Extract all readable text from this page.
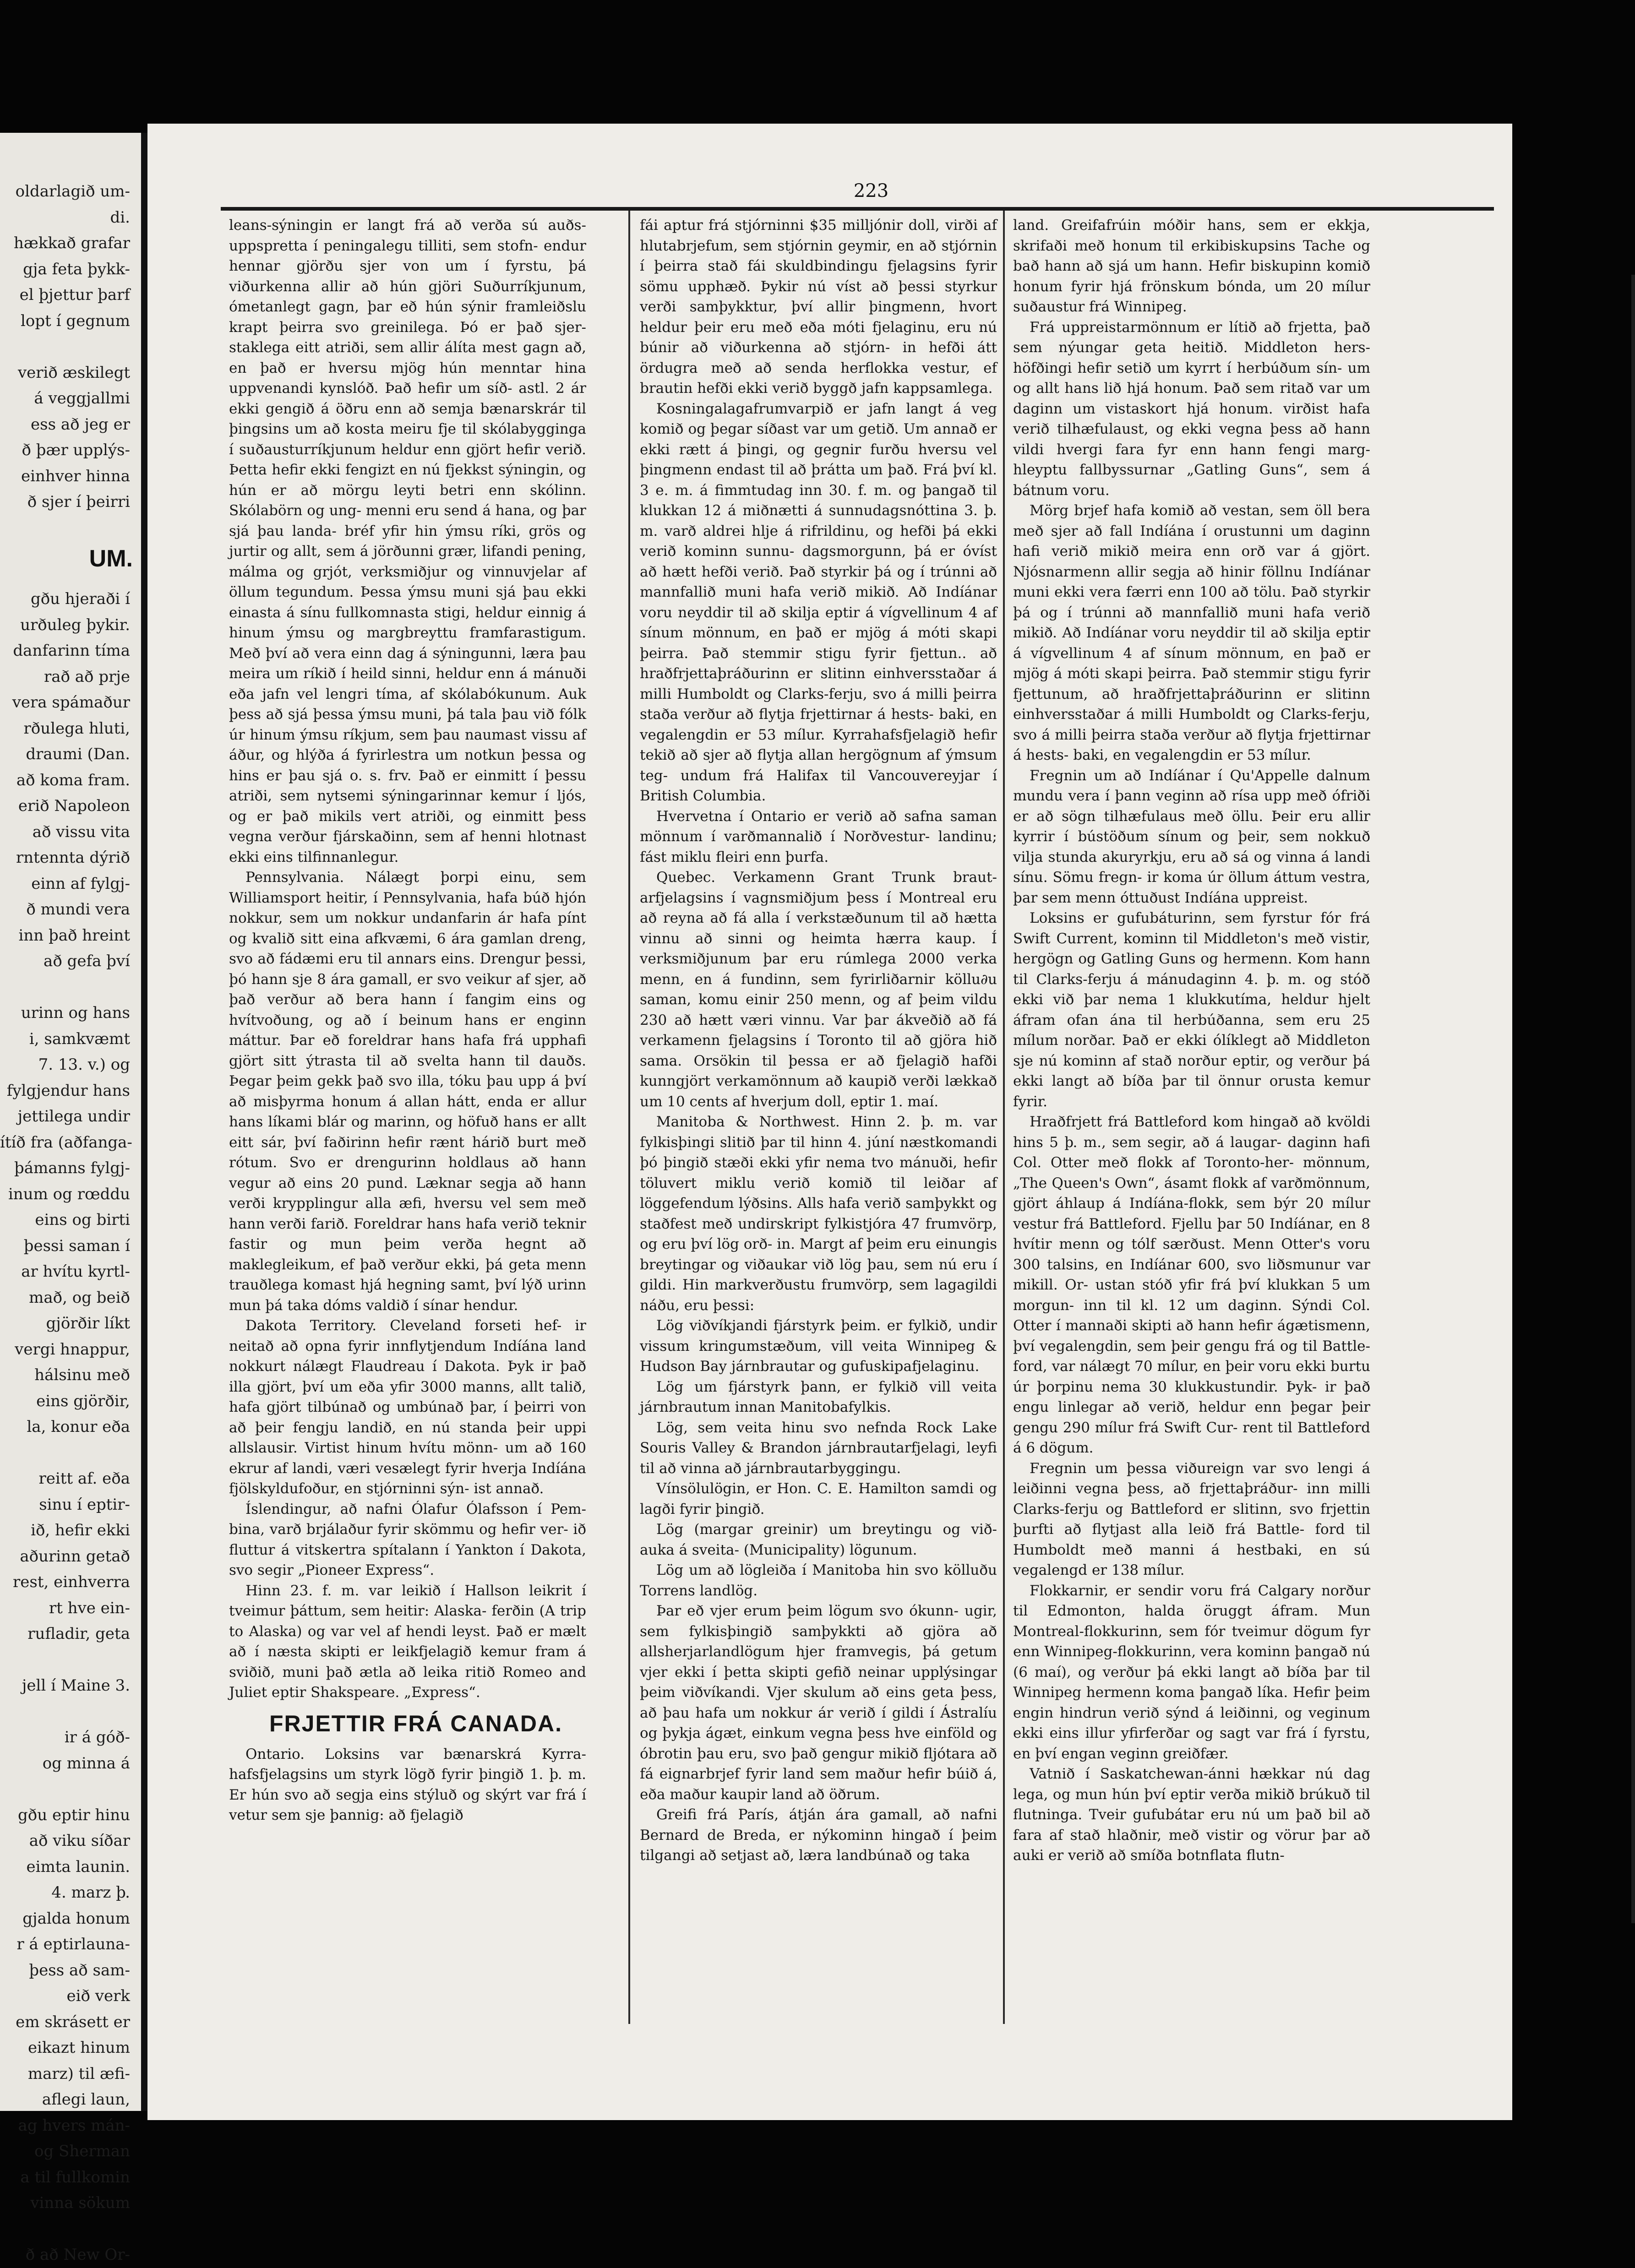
oldarlagið um-

di.

hækkað grafar

gja feta þykk-

el þjettur þarf

lopt í gegnum

verið æskilegt

á veggjallmi

ess að jeg er

ð þær upplýs-

einhver hinna

ð sjer í þeirri

UM.

gðu hjeraði í

urðuleg þykir.

danfarinn tíma

rað að prje

vera spámaður

rðulega hluti,

draumi (Dan.

að koma fram.

erið Napoleon

að vissu vita

rntennta dýrið

einn af fylgj-

ð mundi vera

inn það hreint

að gefa því

urinn og hans

i, samkvæmt

7. 13. v.) og

fylgjendur hans

jettilega undir

ítíð fra (aðfanga-

þámanns fylgj-

inum og rœddu

eins og birti

þessi saman í

ar hvítu kyrtl-

mað, og beið

gjörðir líkt

vergi hnappur,

hálsinu með

eins gjörðir,

la, konur eða

reitt af. eða

sinu í eptir-

ið, hefir ekki

aðurinn getað

rest, einhverra

rt hve ein-

rufladir, geta

jell í Maine 3.

ir á góð-

og minna á

gðu eptir hinu

að viku síðar

eimta launin.

4. marz þ.

gjalda honum

r á eptirlauna-

þess að sam-

eið verk

em skrásett er

eikazt hinum

marz) til æfi-

aflegi laun,

ag hvers mán-

og Sherman

a til fullkomin

vinna sökum

ð að New Or-

223

leans-sýningin er langt frá að verða sú auðs- uppspretta í peningalegu tilliti, sem stofn- endur hennar gjörðu sjer von um í fyrstu, þá viðurkenna allir að hún gjöri Suðurríkjunum, ómetanlegt gagn, þar eð hún sýnir framleiðslu krapt þeirra svo greinilega. Þó er það sjer- staklega eitt atriði, sem allir álíta mest gagn að, en það er hversu mjög hún menntar hina uppvenandi kynslóð. Það hefir um síð- astl. 2 ár ekki gengið á öðru enn að semja bænarskrár til þingsins um að kosta meiru fje til skólabygginga í suðausturríkjunum heldur enn gjört hefir verið. Þetta hefir ekki fengizt en nú fjekkst sýningin, og hún er að mörgu leyti betri enn skólinn. Skólabörn og ung- menni eru send á hana, og þar sjá þau landa- bréf yfir hin ýmsu ríki, grös og jurtir og allt, sem á jörðunni grær, lifandi pening, málma og grjót, verksmiðjur og vinnuvjelar af öllum tegundum. Þessa ýmsu muni sjá þau ekki einasta á sínu fullkomnasta stigi, heldur einnig á hinum ýmsu og margbreyttu framfarastigum. Með því að vera einn dag á sýningunni, læra þau meira um ríkið í heild sinni, heldur enn á mánuði eða jafn vel lengri tíma, af skólabókunum. Auk þess að sjá þessa ýmsu muni, þá tala þau við fólk úr hinum ýmsu ríkjum, sem þau naumast vissu af áður, og hlýða á fyrirlestra um notkun þessa og hins er þau sjá o. s. frv. Það er einmitt í þessu atriði, sem nytsemi sýningarinnar kemur í ljós, og er það mikils vert atriði, og einmitt þess vegna verður fjárskaðinn, sem af henni hlotnast ekki eins tilfinnanlegur.

Pennsylvania. Nálægt þorpi einu, sem Williamsport heitir, í Pennsylvania, hafa búð hjón nokkur, sem um nokkur undanfarin ár hafa pínt og kvalið sitt eina afkvæmi, 6 ára gamlan dreng, svo að fádæmi eru til annars eins. Drengur þessi, þó hann sje 8 ára gamall, er svo veikur af sjer, að það verður að bera hann í fangim eins og hvítvoðung, og að í beinum hans er enginn máttur. Þar eð foreldrar hans hafa frá upphafi gjört sitt ýtrasta til að svelta hann til dauðs. Þegar þeim gekk það svo illa, tóku þau upp á því að misþyrma honum á allan hátt, enda er allur hans líkami blár og marinn, og höfuð hans er allt eitt sár, því faðirinn hefir rænt hárið burt með rótum. Svo er drengurinn holdlaus að hann vegur að eins 20 pund. Læknar segja að hann verði krypplingur alla æfi, hversu vel sem með hann verði farið. Foreldrar hans hafa verið teknir fastir og mun þeim verða hegnt að maklegleikum, ef það verður ekki, þá geta menn trauðlega komast hjá hegning samt, því lýð urinn mun þá taka dóms valdið í sínar hendur.

Dakota Territory. Cleveland forseti hef- ir neitað að opna fyrir innflytjendum Indíána land nokkurt nálægt Flaudreau í Dakota. Þyk ir það illa gjört, því um eða yfir 3000 manns, allt talið, hafa gjört tilbúnað og umbúnað þar, í þeirri von að þeir fengju landið, en nú standa þeir uppi allslausir. Virtist hinum hvítu mönn- um að 160 ekrur af landi, væri vesælegt fyrir hverja Indíána fjölskyldufoður, en stjórninni sýn- ist annað.

Íslendingur, að nafni Ólafur Ólafsson í Pem- bina, varð brjálaður fyrir skömmu og hefir ver- ið fluttur á vitskertra spítalann í Yankton í Dakota, svo segir „Pioneer Express“.

Hinn 23. f. m. var leikið í Hallson leikrit í tveimur þáttum, sem heitir: Alaska- ferðin (A trip to Alaska) og var vel af hendi leyst. Það er mælt að í næsta skipti er leikfjelagið kemur fram á sviðið, muni það ætla að leika ritið Romeo and Juliet eptir Shakspeare. „Express“.

FRJETTIR FRÁ CANADA.

Ontario. Loksins var bænarskrá Kyrra- hafsfjelagsins um styrk lögð fyrir þingið 1. þ. m. Er hún svo að segja eins stýluð og skýrt var frá í vetur sem sje þannig: að fjelagið

fái aptur frá stjórninni $35 milljónir doll, virði af hlutabrjefum, sem stjórnin geymir, en að stjórnin í þeirra stað fái skuldbindingu fjelagsins fyrir sömu upphæð. Þykir nú víst að þessi styrkur verði samþykktur, því allir þingmenn, hvort heldur þeir eru með eða móti fjelaginu, eru nú búnir að viðurkenna að stjórn- in hefði átt ördugra með að senda herflokka vestur, ef brautin hefði ekki verið byggð jafn kappsamlega.

Kosningalagafrumvarpið er jafn langt á veg komið og þegar síðast var um getið. Um annað er ekki rætt á þingi, og gegnir furðu hversu vel þingmenn endast til að þrátta um það. Frá því kl. 3 e. m. á fimmtudag inn 30. f. m. og þangað til klukkan 12 á miðnætti á sunnudagsnóttina 3. þ. m. varð aldrei hlje á rifrildinu, og hefði þá ekki verið kominn sunnu- dagsmorgunn, þá er óvíst að hætt hefði verið. Það styrkir þá og í trúnni að mannfallið muni hafa verið mikið. Að Indíánar voru neyddir til að skilja eptir á vígvellinum 4 af sínum mönnum, en það er mjög á móti skapi þeirra. Það stemmir stigu fyrir fjettun.. að hraðfrjettaþráðurinn er slitinn einhversstaðar á milli Humboldt og Clarks-ferju, svo á milli þeirra staða verður að flytja frjettirnar á hests- baki, en vegalengdin er 53 mílur. Kyrrahafsfjelagið hefir tekið að sjer að flytja allan hergögnum af ýmsum teg- undum frá Halifax til Vancouvereyjar í British Columbia.

Hvervetna í Ontario er verið að safna saman mönnum í varðmannalið í Norðvestur- landinu; fást miklu fleiri enn þurfa.

Quebec. Verkamenn Grant Trunk braut- arfjelagsins í vagnsmiðjum þess í Montreal eru að reyna að fá alla í verkstæðunum til að hætta vinnu að sinni og heimta hærra kaup. Í verksmiðjunum þar eru rúmlega 2000 verka menn, en á fundinn, sem fyrirliðarnir köllu∂u saman, komu einir 250 menn, og af þeim vildu 230 að hætt væri vinnu. Var þar ákveðið að fá verkamenn fjelagsins í Toronto til að gjöra hið sama. Orsökin til þessa er að fjelagið hafði kunngjört verkamönnum að kaupið verði lækkað um 10 cents af hverjum doll, eptir 1. maí.

Manitoba & Northwest. Hinn 2. þ. m. var fylkisþingi slitið þar til hinn 4. júní næstkomandi þó þingið stæði ekki yfir nema tvo mánuði, hefir töluvert miklu verið komið til leiðar af löggefendum lýðsins. Alls hafa verið samþykkt og staðfest með undirskript fylkistjóra 47 frumvörp, og eru því lög orð- in. Margt af þeim eru einungis breytingar og viðaukar við lög þau, sem nú eru í gildi. Hin markverðustu frumvörp, sem lagagildi náðu, eru þessi:

Lög viðvíkjandi fjárstyrk þeim. er fylkið, undir vissum kringumstæðum, vill veita Winnipeg & Hudson Bay járnbrautar og gufuskipafjelaginu.

Lög um fjárstyrk þann, er fylkið vill veita járnbrautum innan Manitobafylkis.

Lög, sem veita hinu svo nefnda Rock Lake Souris Valley & Brandon járnbrautarfjelagi, leyfi til að vinna að járnbrautarbyggingu.

Vínsölulögin, er Hon. C. E. Hamilton samdi og lagði fyrir þingið.

Lög (margar greinir) um breytingu og við- auka á sveita- (Municipality) lögunum.

Lög um að lögleiða í Manitoba hin svo kölluðu Torrens landlög.

Þar eð vjer erum þeim lögum svo ókunn- ugir, sem fylkisþingið samþykkti að gjöra að allsherjarlandlögum hjer framvegis, þá getum vjer ekki í þetta skipti gefið neinar upplýsingar þeim viðvíkandi. Vjer skulum að eins geta þess, að þau hafa um nokkur ár verið í gildi í Ástralíu og þykja ágæt, einkum vegna þess hve einföld og óbrotin þau eru, svo það gengur mikið fljótara að fá eignarbrjef fyrir land sem maður hefir búið á, eða maður kaupir land að öðrum.

Greifi frá París, átján ára gamall, að nafni Bernard de Breda, er nýkominn hingað í þeim tilgangi að setjast að, læra landbúnað og taka

land. Greifafrúin móðir hans, sem er ekkja, skrifaði með honum til erkibiskupsins Tache og bað hann að sjá um hann. Hefir biskupinn komið honum fyrir hjá frönskum bónda, um 20 mílur suðaustur frá Winnipeg.

Frá uppreistarmönnum er lítið að frjetta, það sem nýungar geta heitið. Middleton hers- höfðingi hefir setið um kyrrt í herbúðum sín- um og allt hans lið hjá honum. Það sem ritað var um daginn um vistaskort hjá honum. virðist hafa verið tilhæfulaust, og ekki vegna þess að hann vildi hvergi fara fyr enn hann fengi marg- hleyptu fallbyssurnar „Gatling Guns“, sem á bátnum voru.

Mörg brjef hafa komið að vestan, sem öll bera með sjer að fall Indíána í orustunni um daginn hafi verið mikið meira enn orð var á gjört. Njósnarmenn allir segja að hinir föllnu Indíánar muni ekki vera færri enn 100 að tölu. Það styrkir þá og í trúnni að mannfallið muni hafa verið mikið. Að Indíánar voru neyddir til að skilja eptir á vígvellinum 4 af sínum mönnum, en það er mjög á móti skapi þeirra. Það stemmir stigu fyrir fjettunum, að hraðfrjettaþráðurinn er slitinn einhversstaðar á milli Humboldt og Clarks-ferju, svo á milli þeirra staða verður að flytja frjettirnar á hests- baki, en vegalengdin er 53 mílur.

Fregnin um að Indíánar í Qu'Appelle dalnum mundu vera í þann veginn að rísa upp með ófriði er að sögn tilhæfulaus með öllu. Þeir eru allir kyrrir í bústöðum sínum og þeir, sem nokkuð vilja stunda akuryrkju, eru að sá og vinna á landi sínu. Sömu fregn- ir koma úr öllum áttum vestra, þar sem menn óttuðust Indíána uppreist.

Loksins er gufubáturinn, sem fyrstur fór frá Swift Current, kominn til Middleton's með vistir, hergögn og Gatling Guns og hermenn. Kom hann til Clarks-ferju á mánudaginn 4. þ. m. og stóð ekki við þar nema 1 klukkutíma, heldur hjelt áfram ofan ána til herbúðanna, sem eru 25 mílum norðar. Það er ekki ólíklegt að Middleton sje nú kominn af stað norður eptir, og verður þá ekki langt að bíða þar til önnur orusta kemur fyrir.

Hraðfrjett frá Battleford kom hingað að kvöldi hins 5 þ. m., sem segir, að á laugar- daginn hafi Col. Otter með flokk af Toronto-her- mönnum, „The Queen's Own“, ásamt flokk af varðmönnum, gjört áhlaup á Indíána-flokk, sem býr 20 mílur vestur frá Battleford. Fjellu þar 50 Indíánar, en 8 hvítir menn og tólf særðust. Menn Otter's voru 300 talsins, en Indíánar 600, svo liðsmunur var mikill. Or- ustan stóð yfir frá því klukkan 5 um morgun- inn til kl. 12 um daginn. Sýndi Col. Otter í mannaði skipti að hann hefir ágætismenn, því vegalengdin, sem þeir gengu frá og til Battle- ford, var nálægt 70 mílur, en þeir voru ekki burtu úr þorpinu nema 30 klukkustundir. Þyk- ir það engu linlegar að verið, heldur enn þegar þeir gengu 290 mílur frá Swift Cur- rent til Battleford á 6 dögum.

Fregnin um þessa viðureign var svo lengi á leiðinni vegna þess, að frjettaþráður- inn milli Clarks-ferju og Battleford er slitinn, svo frjettin þurfti að flytjast alla leið frá Battle- ford til Humboldt með manni á hestbaki, en sú vegalengd er 138 mílur.

Flokkarnir, er sendir voru frá Calgary norður til Edmonton, halda öruggt áfram. Mun Montreal-flokkurinn, sem fór tveimur dögum fyr enn Winnipeg-flokkurinn, vera kominn þangað nú (6 maí), og verður þá ekki langt að bíða þar til Winnipeg hermenn koma þangað líka. Hefir þeim engin hindrun verið sýnd á leiðinni, og veginum ekki eins illur yfirferðar og sagt var frá í fyrstu, en því engan veginn greiðfær.

Vatnið í Saskatchewan-ánni hækkar nú dag lega, og mun hún því eptir verða mikið brúkuð til flutninga. Tveir gufubátar eru nú um það bil að fara af stað hlaðnir, með vistir og vörur þar að auki er verið að smíða botnflata flutn-
